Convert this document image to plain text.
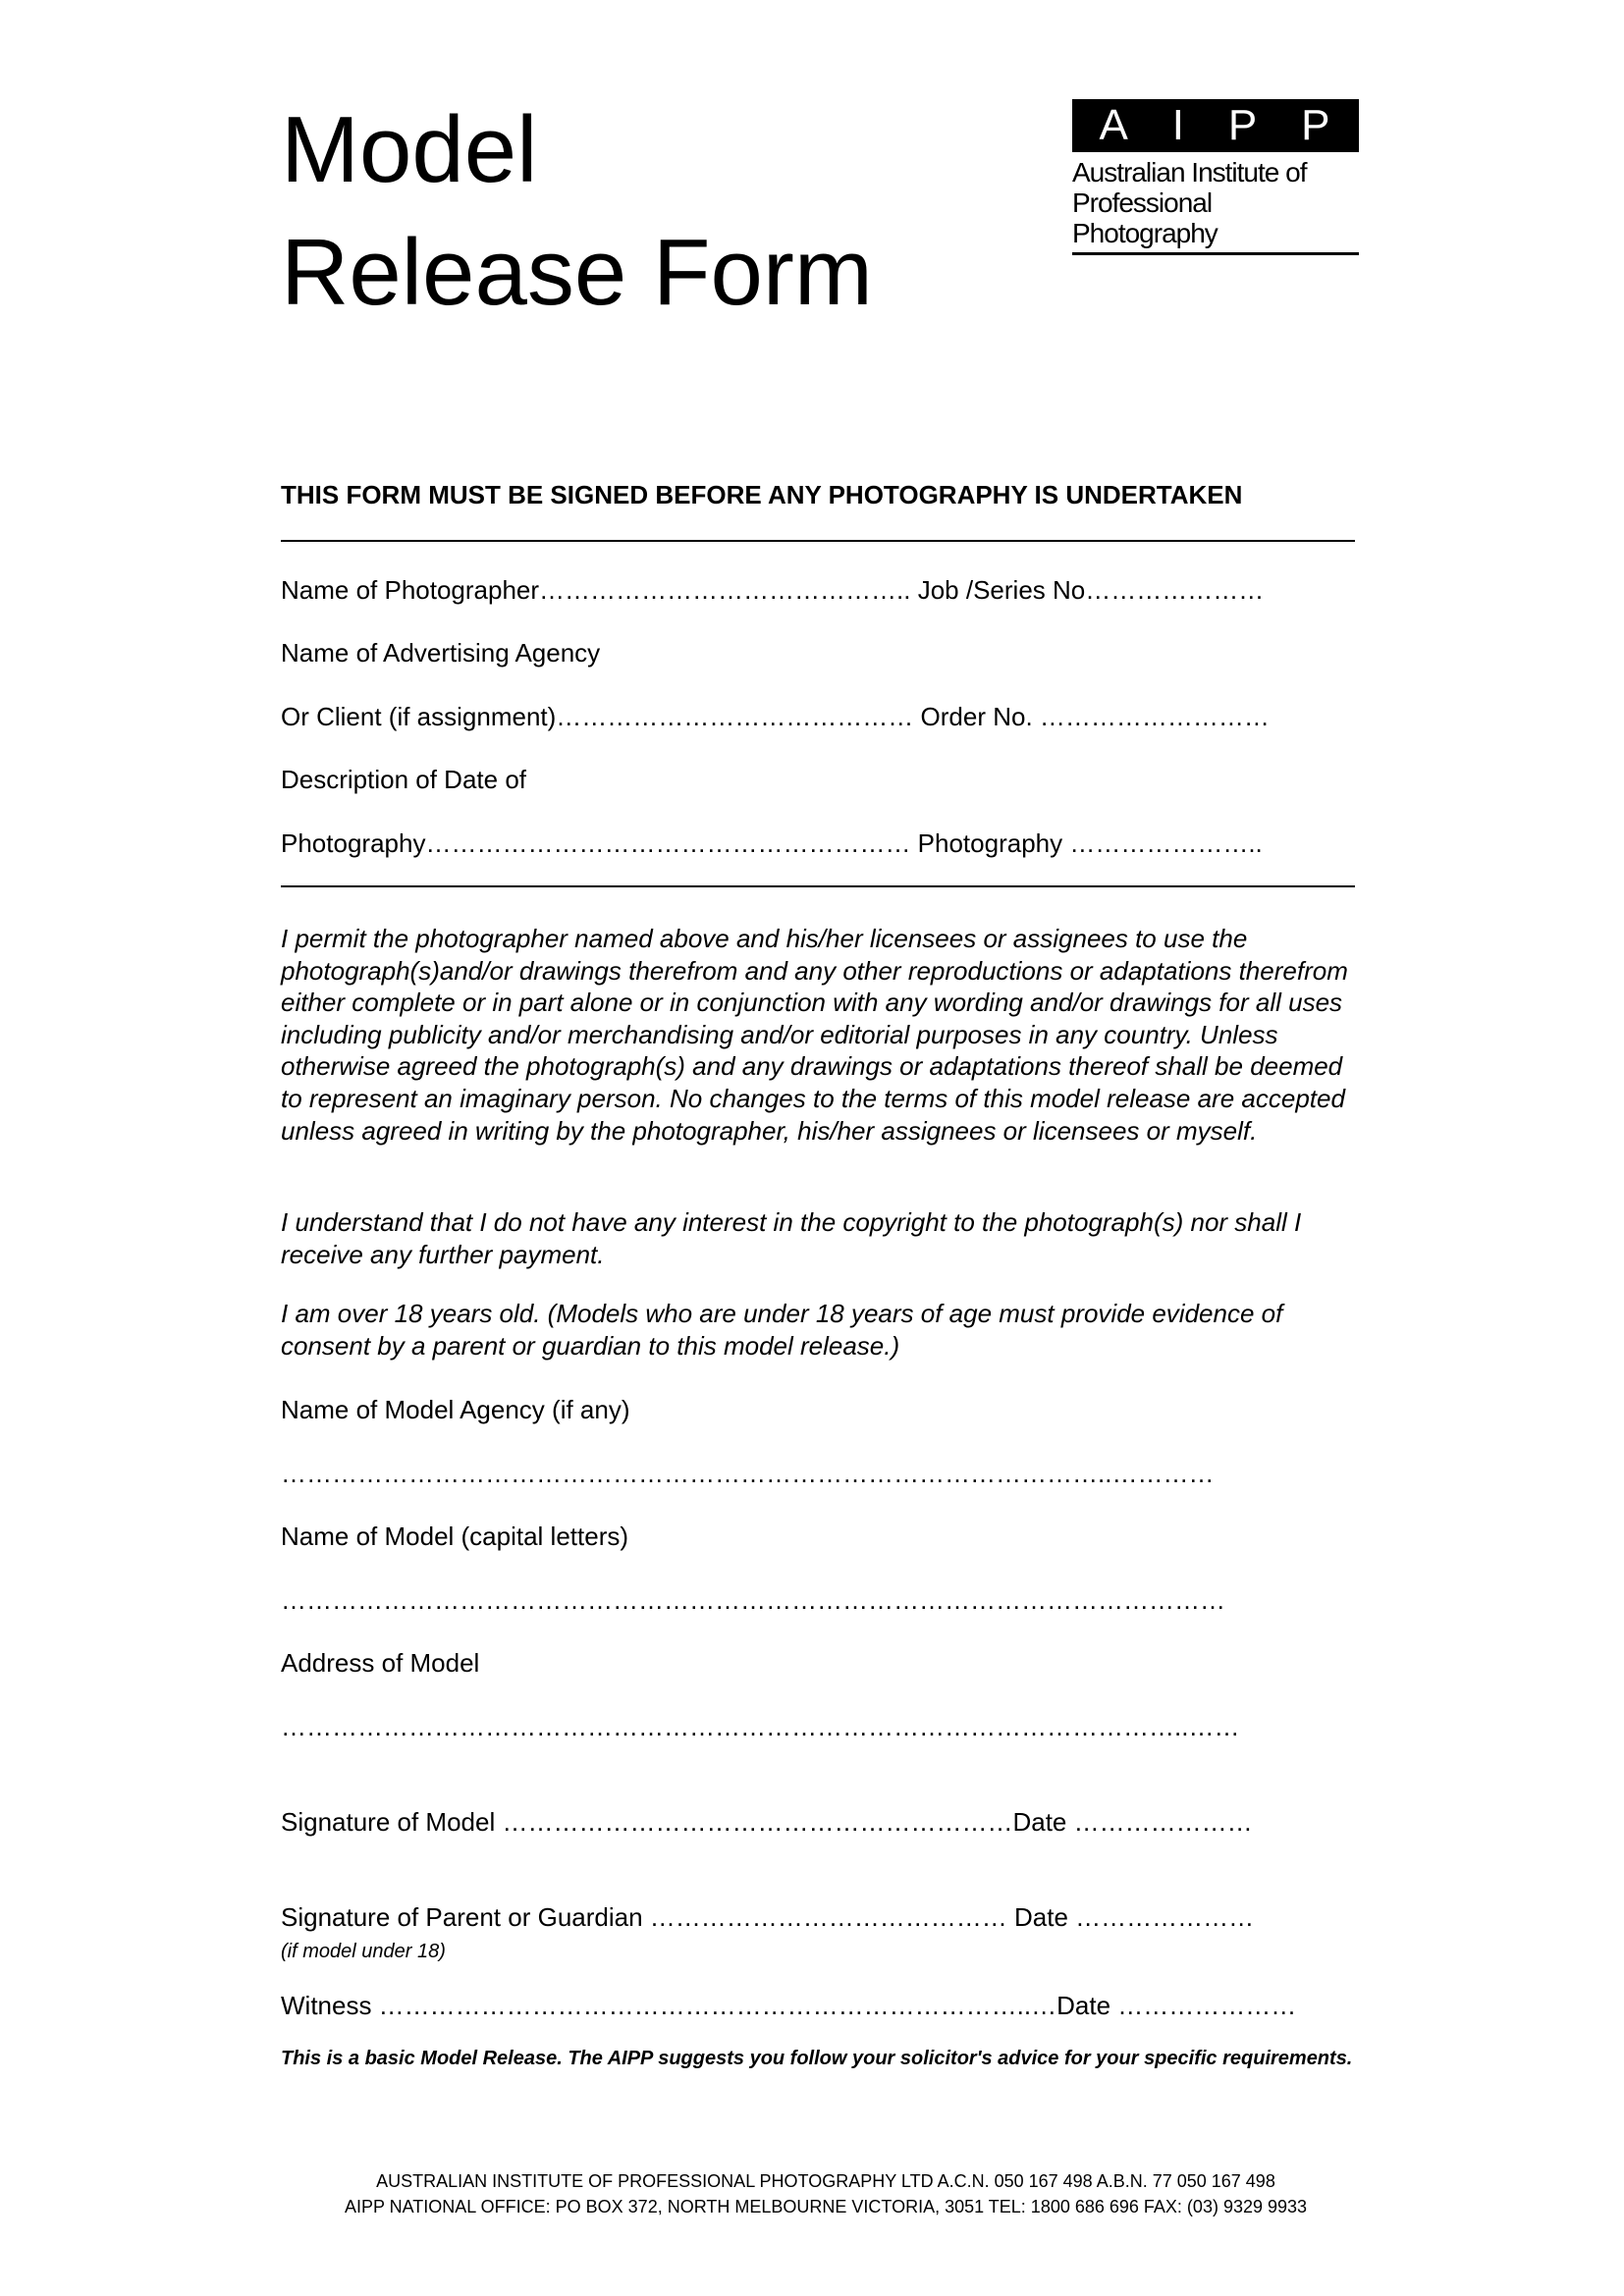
Model
Release Form
A I P P
Australian Institute of
Professional Photography
THIS FORM MUST BE SIGNED BEFORE ANY PHOTOGRAPHY IS UNDERTAKEN
Name of Photographer…………………………………….. Job /Series No…………………
Name of Advertising Agency
Or Client (if assignment)…………………………………… Order No. ………………………
Description of Date of
Photography………………………………………………… Photography …………………..
I permit the photographer named above and his/her licensees or assignees to use the photograph(s)and/or drawings therefrom and any other reproductions or adaptations therefrom either complete or in part alone or in conjunction with any wording and/or drawings for all uses including publicity and/or merchandising and/or editorial purposes in any country. Unless otherwise agreed the photograph(s) and any drawings or adaptations thereof shall be deemed to represent an imaginary person. No changes to the terms of this model release are accepted unless agreed in writing by the photographer, his/her assignees or licensees or myself.
I understand that I do not have any interest in the copyright to the photograph(s) nor shall I receive any further payment.
I am over 18 years old. (Models who are under 18 years of age must provide evidence of consent by a parent or guardian to this model release.)
Name of Model Agency (if any)
……………………………………………………………………………………..…………
Name of Model (capital letters)
…………………………………………………………………………………………………
Address of Model
……………………………………………………………………………………………..……
Signature of Model ……………………………………………………Date …………………
Signature of Parent or Guardian …………………………………… Date …………………
(if model under 18)
Witness …………………………………………………………………..…Date …………………
This is a basic Model Release. The AIPP suggests you follow your solicitor's advice for your specific requirements.
AUSTRALIAN INSTITUTE OF PROFESSIONAL PHOTOGRAPHY LTD A.C.N. 050 167 498 A.B.N. 77 050 167 498
AIPP NATIONAL OFFICE: PO BOX 372, NORTH MELBOURNE VICTORIA, 3051 TEL: 1800 686 696 FAX: (03) 9329 9933
